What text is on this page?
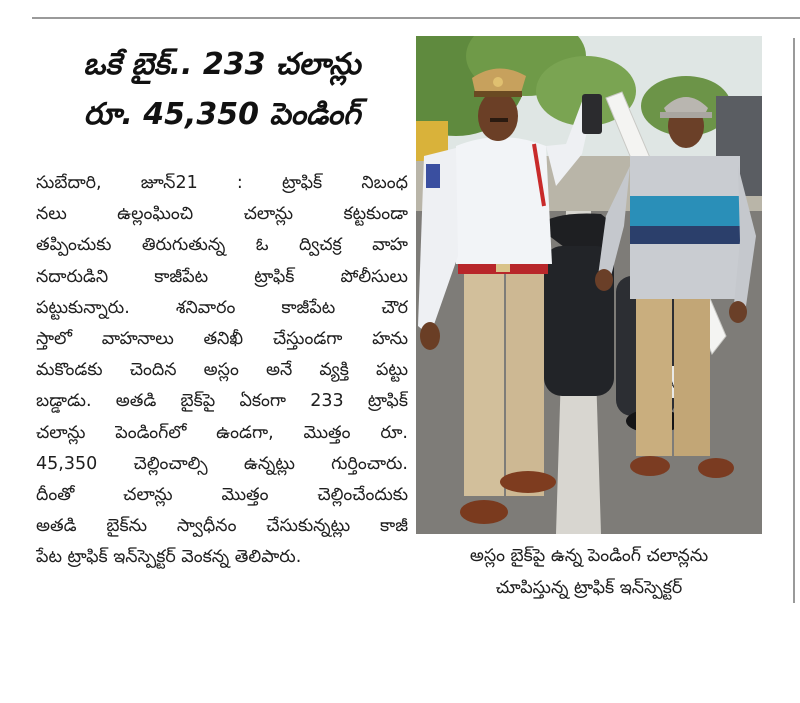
ఒకే బైక్.. 233 చలాన్లు
రూ. 45,350 పెండింగ్
సుబేదారి, జూన్21 : ట్రాఫిక్ నిబంధ
నలు ఉల్లంఘించి చలాన్లు కట్టకుండా
తప్పించుకు తిరుగుతున్న ఓ ద్విచక్ర వాహ
నదారుడిని కాజీపేట ట్రాఫిక్ పోలీసులు
పట్టుకున్నారు. శనివారం కాజీపేట చౌర
స్తాలో వాహనాలు తనిఖీ చేస్తుండగా హను
మకొండకు చెందిన అస్లం అనే వ్యక్తి పట్టు
బడ్డాడు. అతడి బైక్‌పై ఏకంగా 233 ట్రాఫిక్
చలాన్లు పెండింగ్‌లో ఉండగా, మొత్తం రూ.
45,350 చెల్లించాల్సి ఉన్నట్లు గుర్తించారు.
దీంతో చలాన్లు మొత్తం చెల్లించేందుకు
అతడి బైక్‌ను స్వాధీనం చేసుకున్నట్లు కాజీ
పేట ట్రాఫిక్ ఇన్‌స్పెక్టర్ వెంకన్న తెలిపారు.	అస్లం బైక్‌పై ఉన్న పెండింగ్ చలాన్లను
చూపిస్తున్న ట్రాఫిక్ ఇన్‌స్పెక్టర్
